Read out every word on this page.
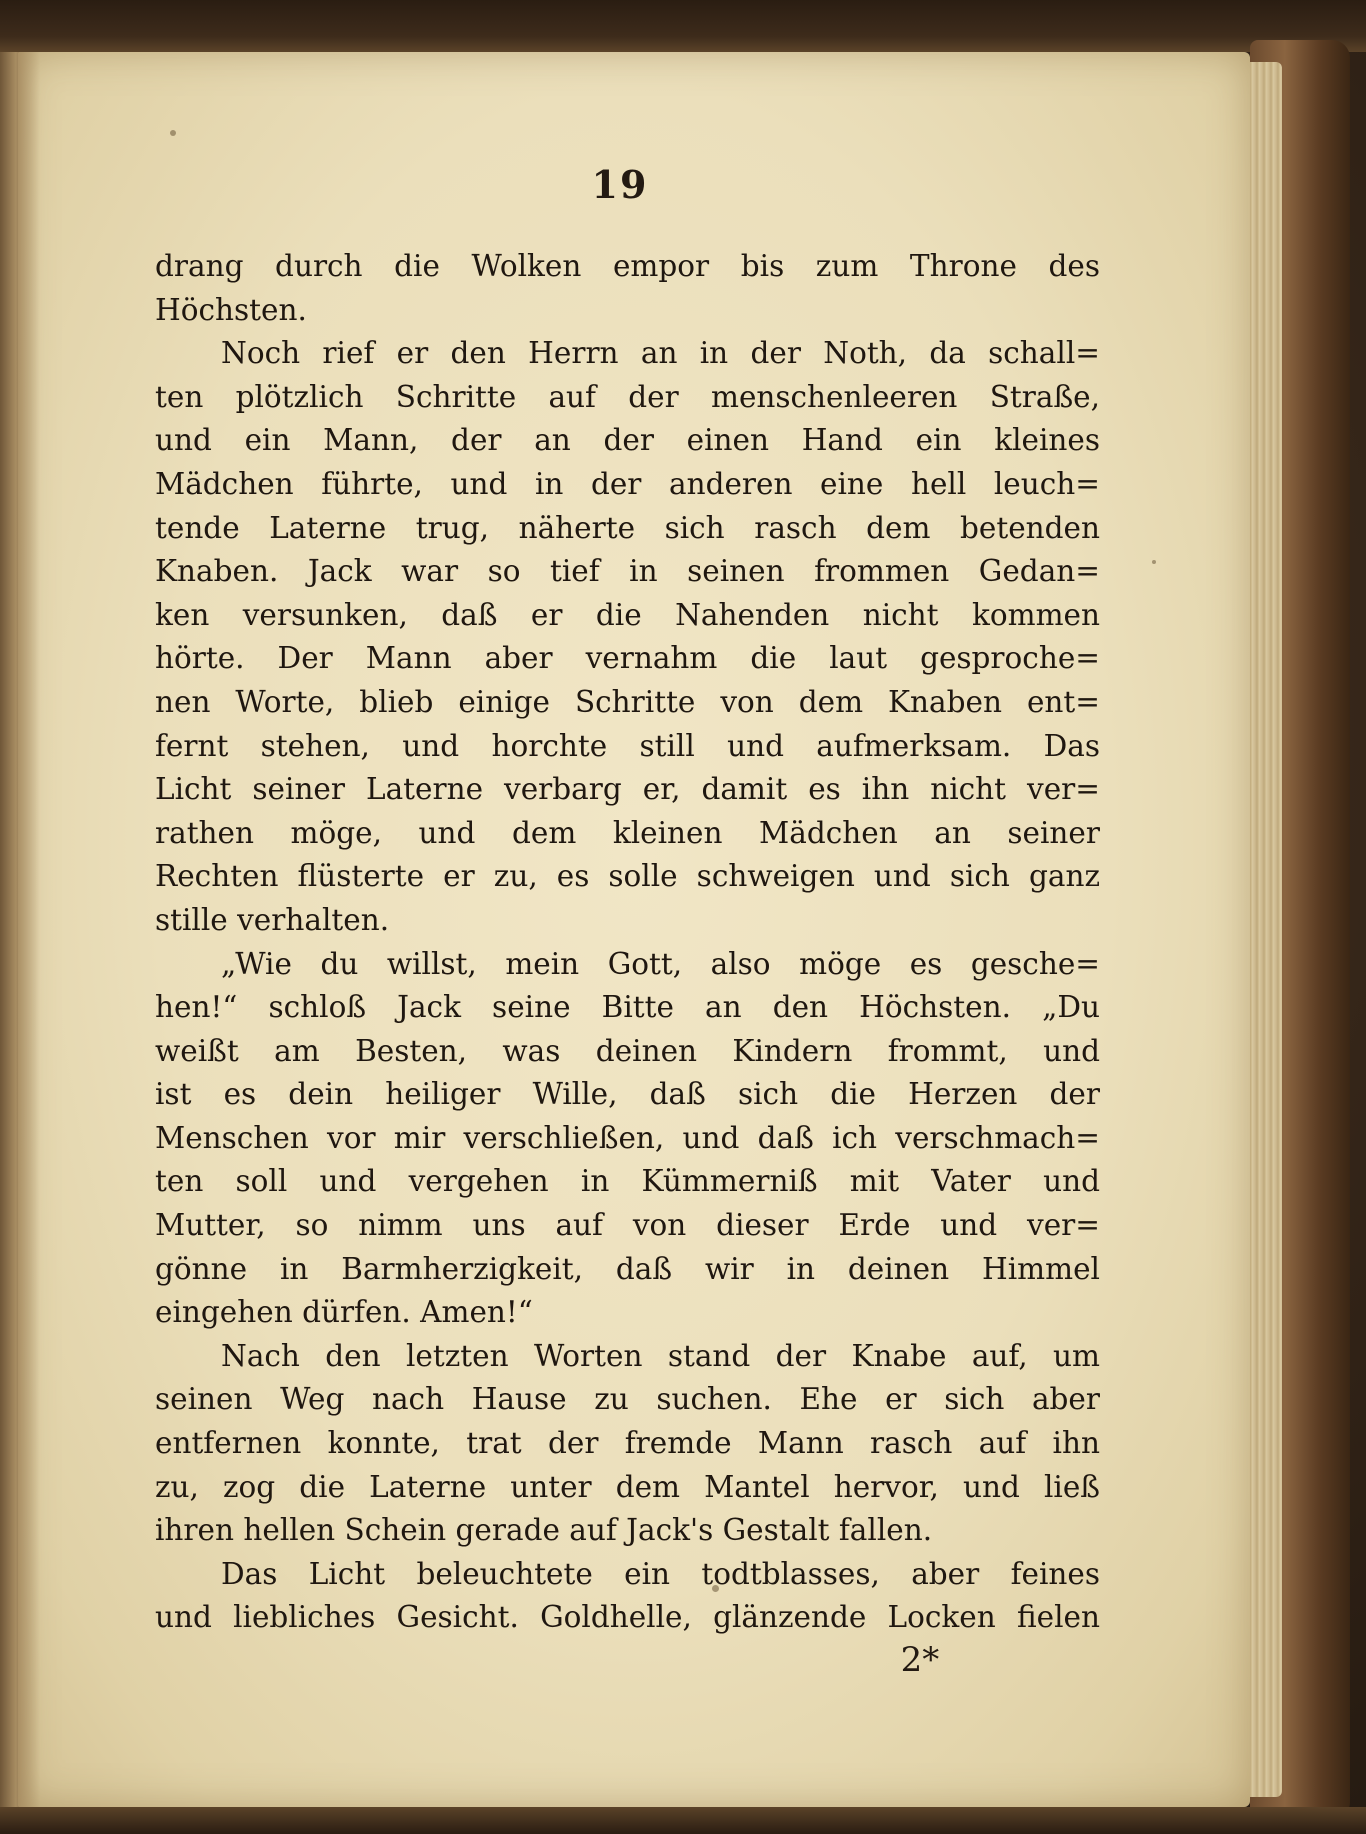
19
drang durch die Wolken empor bis zum Throne des
Höchsten.
Noch rief er den Herrn an in der Noth, da schall=
ten plötzlich Schritte auf der menschenleeren Straße,
und ein Mann, der an der einen Hand ein kleines
Mädchen führte, und in der anderen eine hell leuch=
tende Laterne trug, näherte sich rasch dem betenden
Knaben. Jack war so tief in seinen frommen Gedan=
ken versunken, daß er die Nahenden nicht kommen
hörte. Der Mann aber vernahm die laut gesproche=
nen Worte, blieb einige Schritte von dem Knaben ent=
fernt stehen, und horchte still und aufmerksam. Das
Licht seiner Laterne verbarg er, damit es ihn nicht ver=
rathen möge, und dem kleinen Mädchen an seiner
Rechten flüsterte er zu, es solle schweigen und sich ganz
stille verhalten.
„Wie du willst, mein Gott, also möge es gesche=
hen!“ schloß Jack seine Bitte an den Höchsten. „Du
weißt am Besten, was deinen Kindern frommt, und
ist es dein heiliger Wille, daß sich die Herzen der
Menschen vor mir verschließen, und daß ich verschmach=
ten soll und vergehen in Kümmerniß mit Vater und
Mutter, so nimm uns auf von dieser Erde und ver=
gönne in Barmherzigkeit, daß wir in deinen Himmel
eingehen dürfen. Amen!“
Nach den letzten Worten stand der Knabe auf, um
seinen Weg nach Hause zu suchen. Ehe er sich aber
entfernen konnte, trat der fremde Mann rasch auf ihn
zu, zog die Laterne unter dem Mantel hervor, und ließ
ihren hellen Schein gerade auf Jack's Gestalt fallen.
Das Licht beleuchtete ein todtblasses, aber feines
und liebliches Gesicht. Goldhelle, glänzende Locken fielen
2*
